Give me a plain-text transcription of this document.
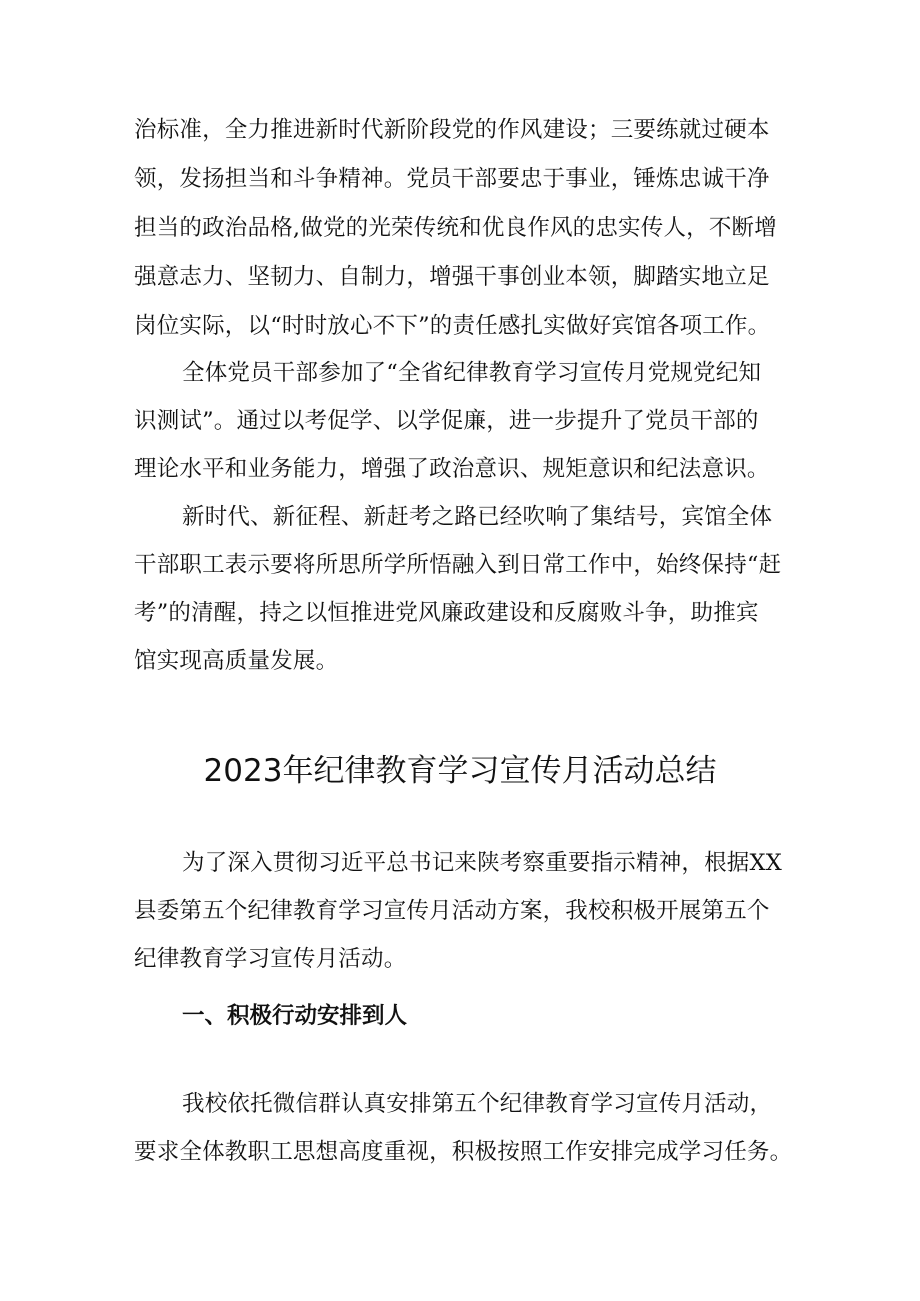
治标准，全力推进新时代新阶段党的作风建设；三要练就过硬本
领，发扬担当和斗争精神。党员干部要忠于事业，锤炼忠诚干净
担当的政治品格,做党的光荣传统和优良作风的忠实传人，不断增
强意志力、坚韧力、自制力，增强干事创业本领，脚踏实地立足
岗位实际，以“时时放心不下”的责任感扎实做好宾馆各项工作。
全体党员干部参加了“全省纪律教育学习宣传月党规党纪知
识测试”。通过以考促学、以学促廉，进一步提升了党员干部的
理论水平和业务能力，增强了政治意识、规矩意识和纪法意识。
新时代、新征程、新赶考之路已经吹响了集结号，宾馆全体
干部职工表示要将所思所学所悟融入到日常工作中，始终保持“赶
考”的清醒，持之以恒推进党风廉政建设和反腐败斗争，助推宾
馆实现高质量发展。
2023年纪律教育学习宣传月活动总结
为了深入贯彻习近平总书记来陕考察重要指示精神，根据XX
县委第五个纪律教育学习宣传月活动方案，我校积极开展第五个
纪律教育学习宣传月活动。
一、积极行动安排到人
我校依托微信群认真安排第五个纪律教育学习宣传月活动，
要求全体教职工思想高度重视，积极按照工作安排完成学习任务。
